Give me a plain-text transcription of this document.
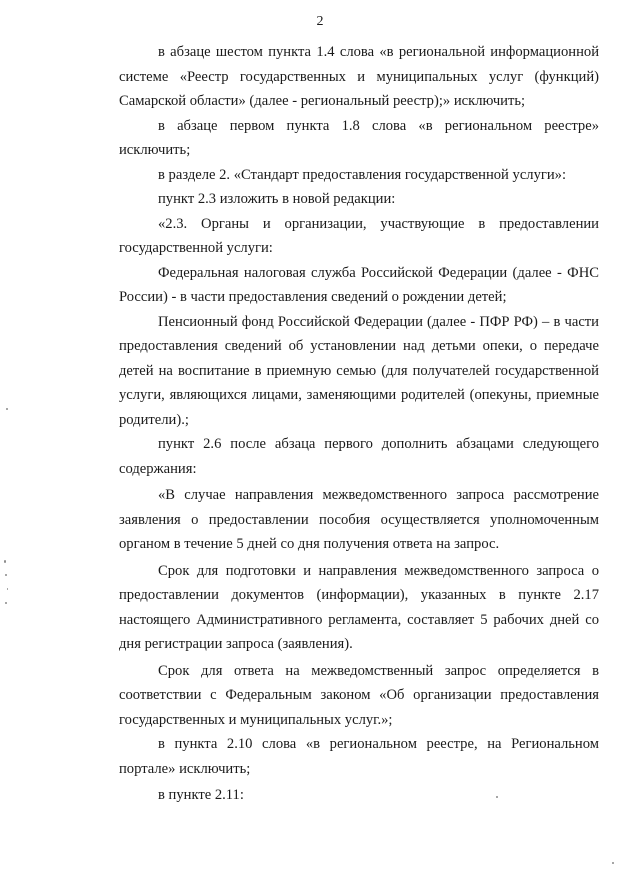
2

в абзаце шестом пункта 1.4 слова «в региональной информационной системе «Реестр государственных и муниципальных услуг (функций) Самарской области» (далее - региональный реестр);» исключить;

в абзаце первом пункта 1.8 слова «в региональном реестре» исключить;

в разделе 2. «Стандарт предоставления государственной услуги»:

пункт 2.3 изложить в новой редакции:

«2.3. Органы и организации, участвующие в предоставлении государственной услуги:

Федеральная налоговая служба Российской Федерации (далее - ФНС России) - в части предоставления сведений о рождении детей;

Пенсионный фонд Российской Федерации (далее - ПФР РФ) – в части предоставления сведений об установлении над детьми опеки, о передаче детей на воспитание в приемную семью (для получателей государственной услуги, являющихся лицами, заменяющими родителей (опекуны, приемные родители).;

пункт 2.6 после абзаца первого дополнить абзацами следующего содержания:

«В случае направления межведомственного запроса рассмотрение заявления о предоставлении пособия осуществляется уполномоченным органом в течение 5 дней со дня получения ответа на запрос.

Срок для подготовки и направления межведомственного запроса о предоставлении документов (информации), указанных в пункте 2.17 настоящего Административного регламента, составляет 5 рабочих дней со дня регистрации запроса (заявления).

Срок для ответа на межведомственный запрос определяется в соответствии с Федеральным законом «Об организации предоставления государственных и муниципальных услуг.»;

в пункта 2.10 слова «в региональном реестре, на Региональном портале» исключить;

в пункте 2.11:
